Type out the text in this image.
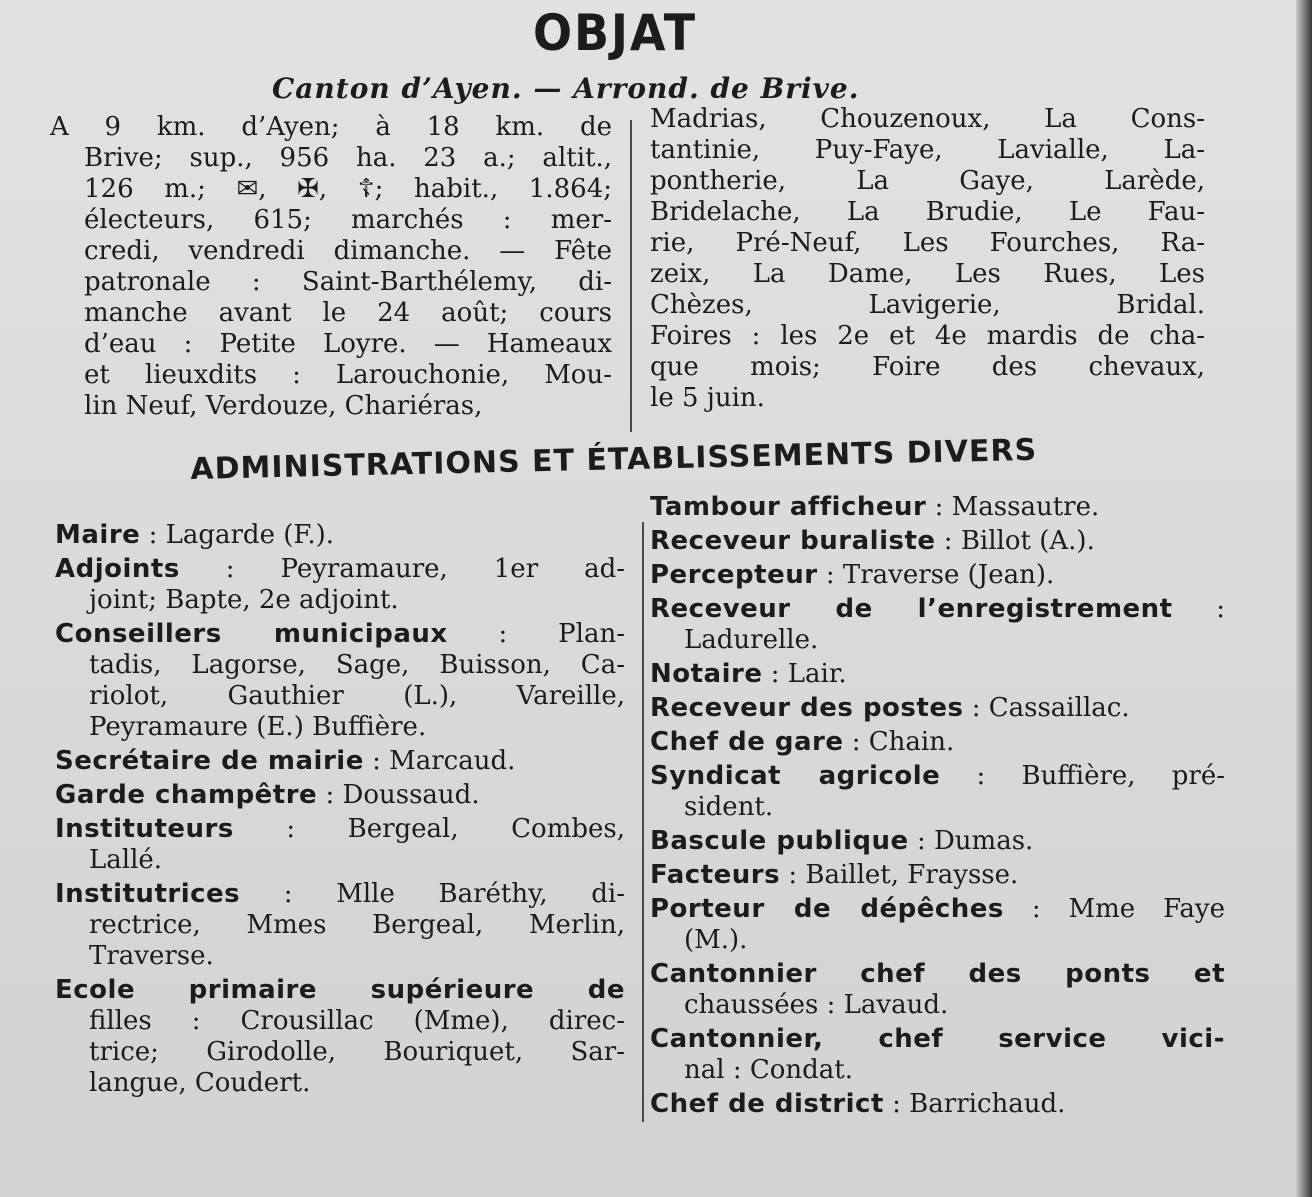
OBJAT
Canton d’Ayen. — Arrond. de Brive.
A 9 km. d’Ayen; à 18 km. de
Brive; sup., 956 ha. 23 a.; altit.,
126 m.; ✉, ✠, ☦; habit., 1.864;
électeurs, 615; marchés : mer-
credi, vendredi dimanche. — Fête
patronale : Saint-Barthélemy, di-
manche avant le 24 août; cours
d’eau : Petite Loyre. — Hameaux
et lieuxdits : Larouchonie, Mou-
lin Neuf, Verdouze, Chariéras,
Madrias, Chouzenoux, La Cons-
tantinie, Puy-Faye, Lavialle, La-
pontherie, La Gaye, Larède,
Bridelache, La Brudie, Le Fau-
rie, Pré-Neuf, Les Fourches, Ra-
zeix, La Dame, Les Rues, Les
Chèzes, Lavigerie, Bridal.
Foires : les 2e et 4e mardis de cha-
que mois; Foire des chevaux,
le 5 juin.
ADMINISTRATIONS ET ÉTABLISSEMENTS DIVERS
Maire : Lagarde (F.).
Adjoints : Peyramaure, 1er ad-
joint; Bapte, 2e adjoint.
Conseillers municipaux : Plan-
tadis, Lagorse, Sage, Buisson, Ca-
riolot, Gauthier (L.), Vareille,
Peyramaure (E.) Buffière.
Secrétaire de mairie : Marcaud.
Garde champêtre : Doussaud.
Instituteurs : Bergeal, Combes,
Lallé.
Institutrices : Mlle Baréthy, di-
rectrice, Mmes Bergeal, Merlin,
Traverse.
Ecole primaire supérieure de
filles : Crousillac (Mme), direc-
trice; Girodolle, Bouriquet, Sar-
langue, Coudert.
Tambour afficheur : Massautre.
Receveur buraliste : Billot (A.).
Percepteur : Traverse (Jean).
Receveur de l’enregistrement :
Ladurelle.
Notaire : Lair.
Receveur des postes : Cassaillac.
Chef de gare : Chain.
Syndicat agricole : Buffière, pré-
sident.
Bascule publique : Dumas.
Facteurs : Baillet, Fraysse.
Porteur de dépêches : Mme Faye
(M.).
Cantonnier chef des ponts et
chaussées : Lavaud.
Cantonnier, chef service vici-
nal : Condat.
Chef de district : Barrichaud.
